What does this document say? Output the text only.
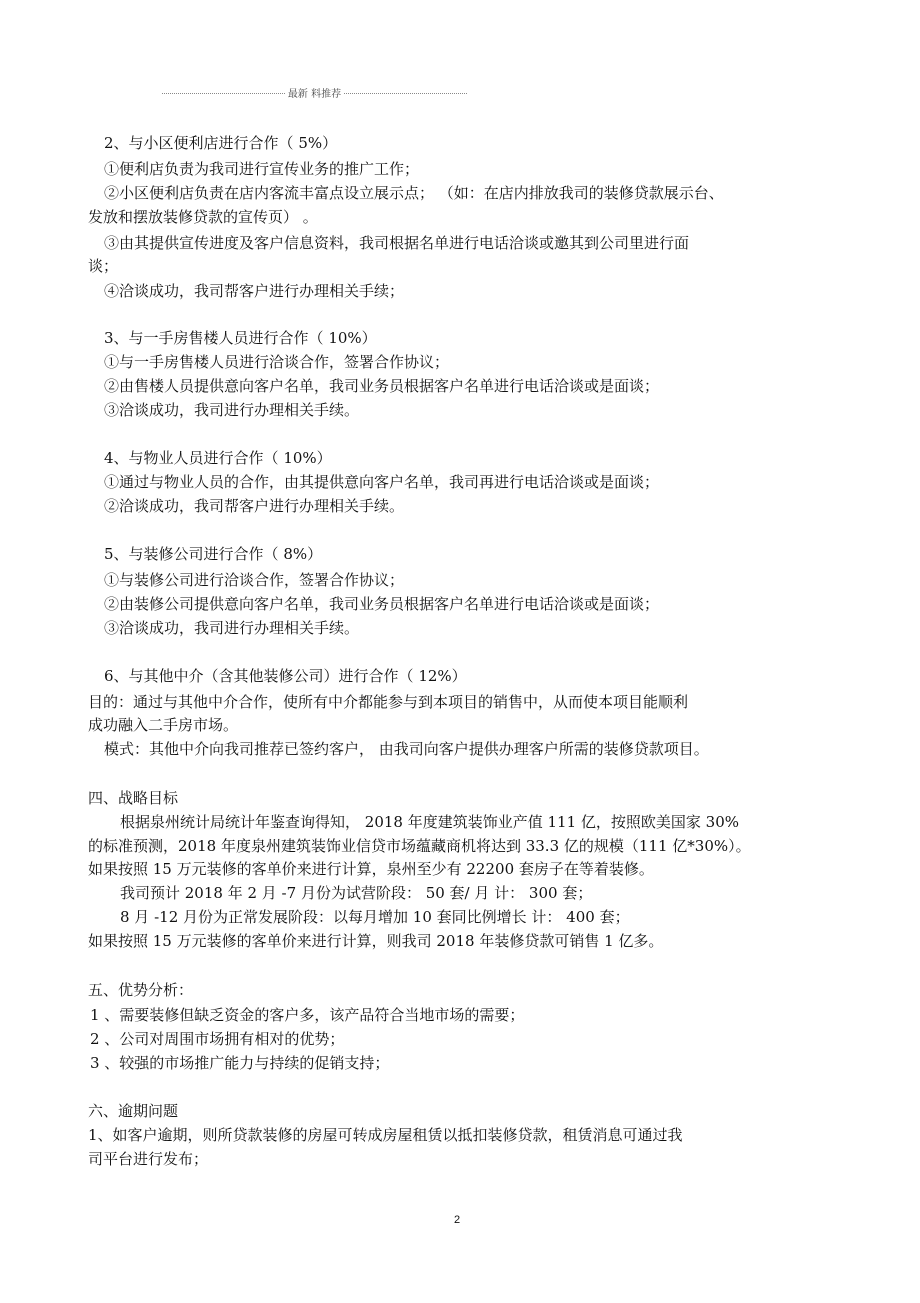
最新 料推荐
2、与小区便利店进行合作（ 5%）
①便利店负责为我司进行宣传业务的推广工作；
②小区便利店负责在店内客流丰富点设立展示点； （如：在店内排放我司的装修贷款展示台、
发放和摆放装修贷款的宣传页） 。
③由其提供宣传进度及客户信息资料，我司根据名单进行电话洽谈或邀其到公司里进行面
谈；
④洽谈成功，我司帮客户进行办理相关手续；
3、与一手房售楼人员进行合作（ 10%）
①与一手房售楼人员进行洽谈合作，签署合作协议；
②由售楼人员提供意向客户名单，我司业务员根据客户名单进行电话洽谈或是面谈；
③洽谈成功，我司进行办理相关手续。
4、与物业人员进行合作（ 10%）
①通过与物业人员的合作，由其提供意向客户名单，我司再进行电话洽谈或是面谈；
②洽谈成功，我司帮客户进行办理相关手续。
5、与装修公司进行合作（ 8%）
①与装修公司进行洽谈合作，签署合作协议；
②由装修公司提供意向客户名单，我司业务员根据客户名单进行电话洽谈或是面谈；
③洽谈成功，我司进行办理相关手续。
6、与其他中介（含其他装修公司）进行合作（ 12%）
目的：通过与其他中介合作，使所有中介都能参与到本项目的销售中，从而使本项目能顺利
成功融入二手房市场。
模式：其他中介向我司推荐已签约客户， 由我司向客户提供办理客户所需的装修贷款项目。
四、战略目标
根据泉州统计局统计年鉴查询得知， 2018 年度建筑装饰业产值 111 亿，按照欧美国家 30%
的标准预测，2018 年度泉州建筑装饰业信贷市场蕴藏商机将达到 33.3 亿的规模（111 亿*30%）。
如果按照 15 万元装修的客单价来进行计算，泉州至少有 22200 套房子在等着装修。
我司预计 2018 年 2 月 -7 月份为试营阶段： 50 套/ 月 计： 300 套；
8 月 -12 月份为正常发展阶段：以每月增加 10 套同比例增长 计： 400 套；
如果按照 15 万元装修的客单价来进行计算，则我司 2018 年装修贷款可销售 1 亿多。
五、优势分析：
1 、需要装修但缺乏资金的客户多，该产品符合当地市场的需要；
2 、公司对周围市场拥有相对的优势；
3 、较强的市场推广能力与持续的促销支持；
六、逾期问题
1、如客户逾期，则所贷款装修的房屋可转成房屋租赁以抵扣装修贷款，租赁消息可通过我
司平台进行发布；
2
